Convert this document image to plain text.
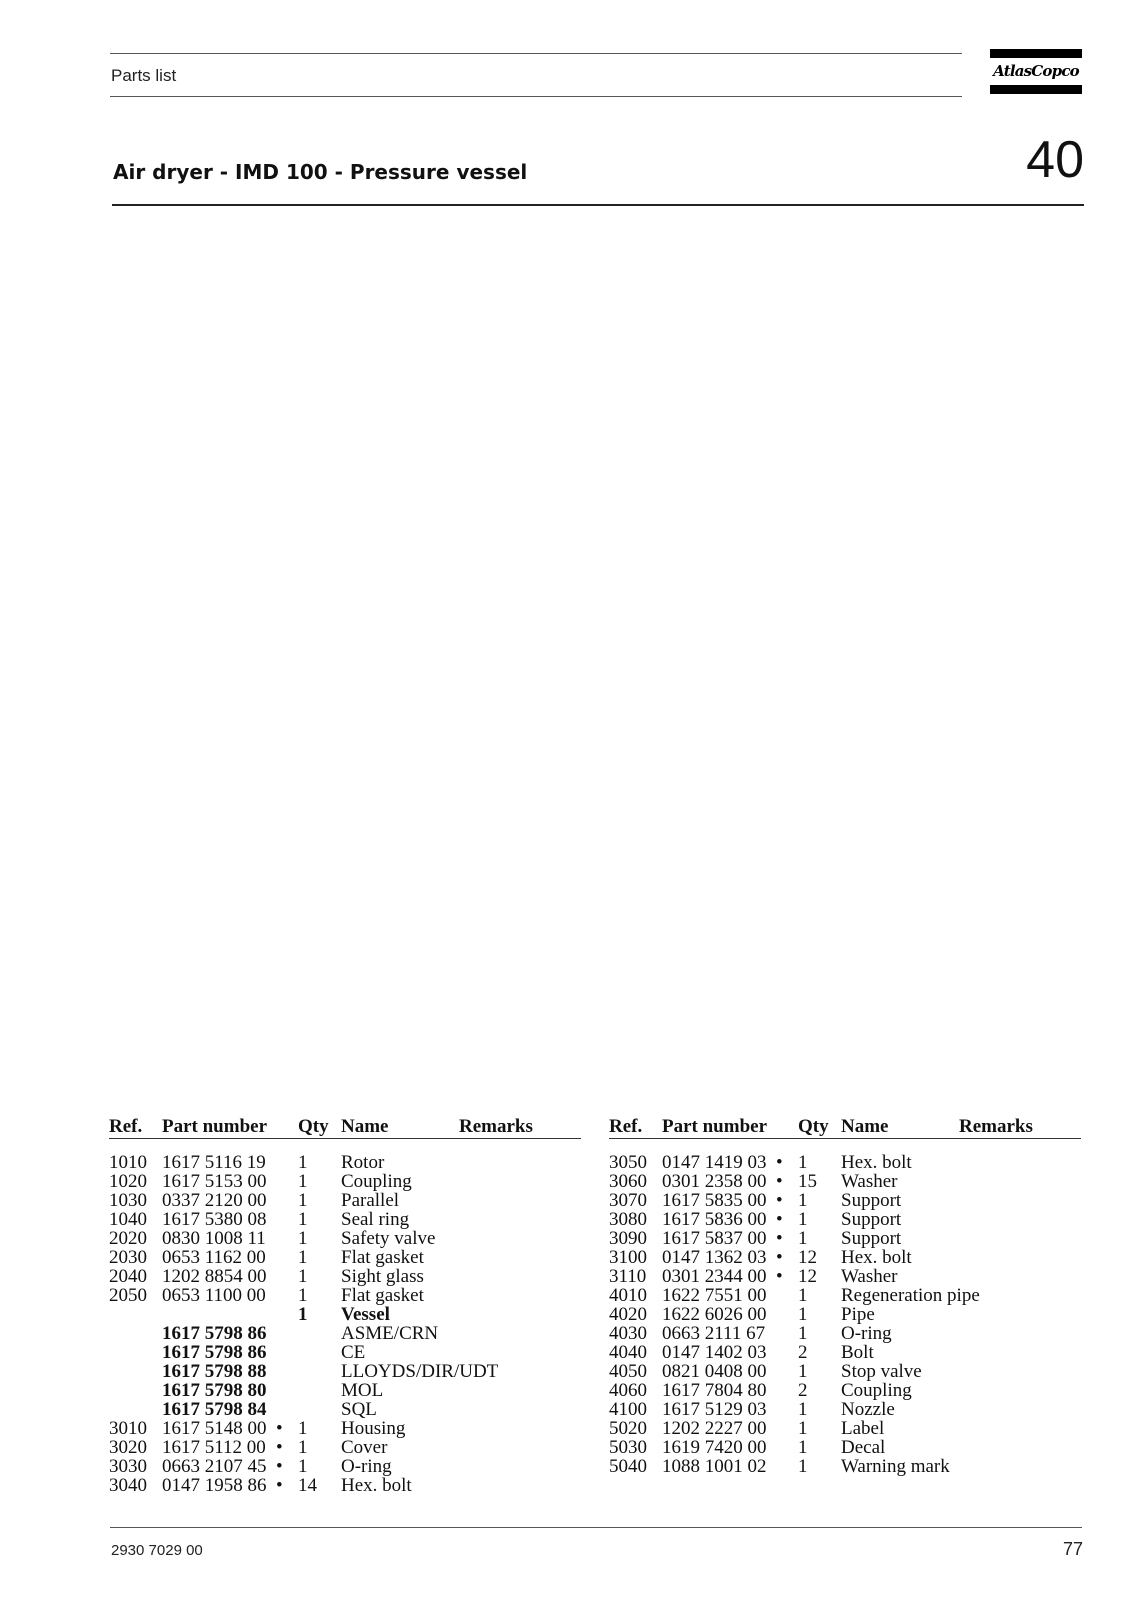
Parts list	AtlasCopco
Air dryer - IMD 100 - Pressure vessel	40
Ref. Part number Qty Name	Remarks
1010 1617 5116 19 1 Rotor
1020 1617 5153 00 1 Coupling
1030 0337 2120 00 1 Parallel
1040 1617 5380 08 1 Seal ring
2020 0830 1008 11 1 Safety valve
2030 0653 1162 00 1 Flat gasket
2040 1202 8854 00 1 Sight glass
2050 0653 1100 00 1 Flat gasket
1 Vessel
1617 5798 86	ASME/CRN
1617 5798 86	CE
1617 5798 88	LLOYDS/DIR/UDT
1617 5798 80	MOL
1617 5798 84	SQL
3010 1617 5148 00 • 1 Housing
3020 1617 5112 00 • 1 Cover
3030 0663 2107 45 • 1 O-ring
3040 0147 1958 86 • 14 Hex. bolt
Ref. Part number Qty Name	Remarks
3050 0147 1419 03 • 1 Hex. bolt
3060 0301 2358 00 • 15 Washer
3070 1617 5835 00 • 1 Support
3080 1617 5836 00 • 1 Support
3090 1617 5837 00 • 1 Support
3100 0147 1362 03 • 12 Hex. bolt
3110 0301 2344 00 • 12 Washer
4010 1622 7551 00 1 Regeneration pipe
4020 1622 6026 00 1 Pipe
4030 0663 2111 67 1 O-ring
4040 0147 1402 03 2 Bolt
4050 0821 0408 00 1 Stop valve
4060 1617 7804 80 2 Coupling
4100 1617 5129 03 1 Nozzle
5020 1202 2227 00 1 Label
5030 1619 7420 00 1 Decal
5040 1088 1001 02 1 Warning mark
2930 7029 00	77
